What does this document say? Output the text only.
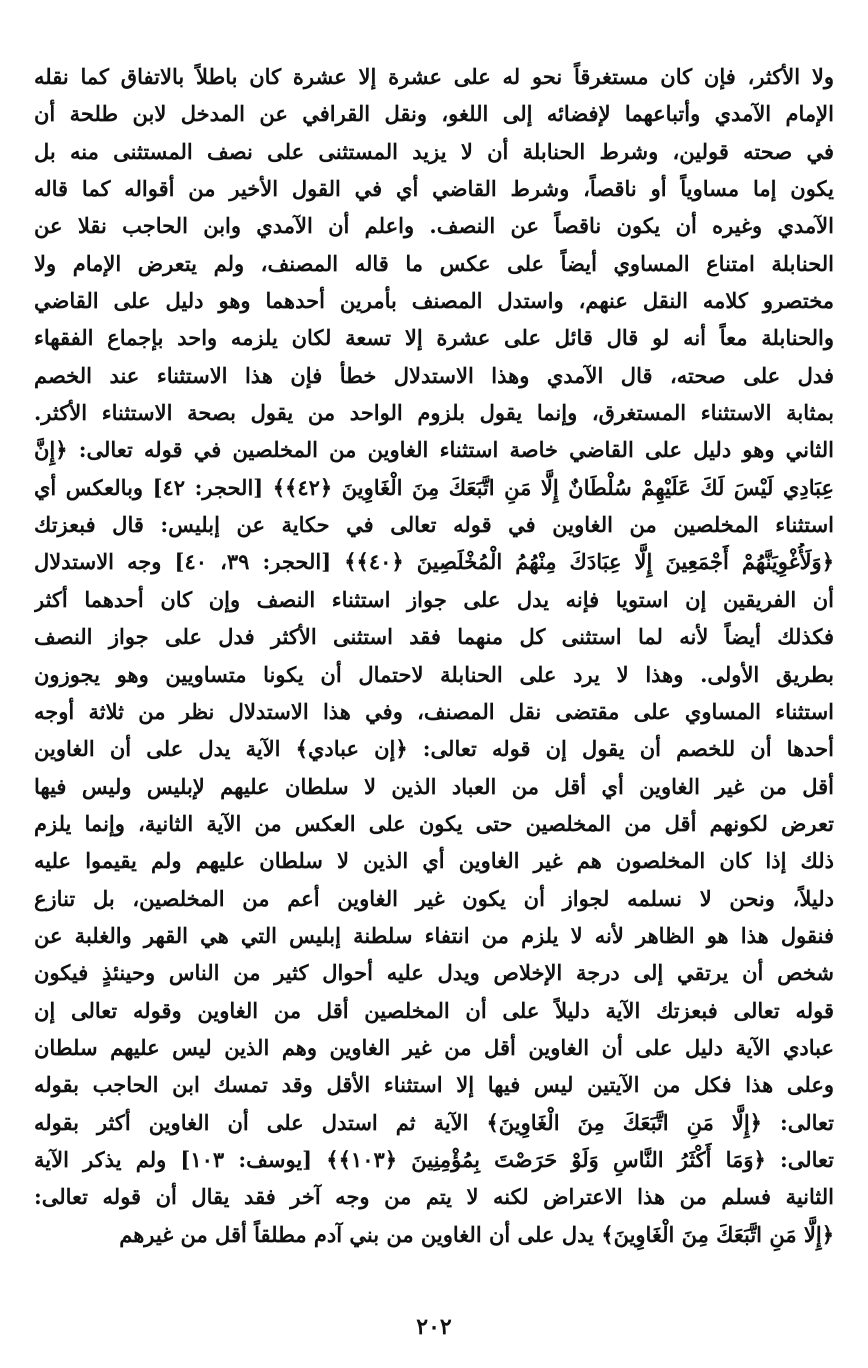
ولا الأكثر، فإن كان مستغرقاً نحو له على عشرة إلا عشرة كان باطلاً بالاتفاق كما نقله
الإمام الآمدي وأتباعهما لإفضائه إلى اللغو، ونقل القرافي عن المدخل لابن طلحة أن
في صحته قولين، وشرط الحنابلة أن لا يزيد المستثنى على نصف المستثنى منه بل
يكون إما مساوياً أو ناقصاً، وشرط القاضي أي في القول الأخير من أقواله كما قاله
الآمدي وغيره أن يكون ناقصاً عن النصف. واعلم أن الآمدي وابن الحاجب نقلا عن
الحنابلة امتناع المساوي أيضاً على عكس ما قاله المصنف، ولم يتعرض الإمام ولا
مختصرو كلامه النقل عنهم، واستدل المصنف بأمرين أحدهما وهو دليل على القاضي
والحنابلة معاً أنه لو قال قائل على عشرة إلا تسعة لكان يلزمه واحد بإجماع الفقهاء
فدل على صحته، قال الآمدي وهذا الاستدلال خطأ فإن هذا الاستثناء عند الخصم
بمثابة الاستثناء المستغرق، وإنما يقول بلزوم الواحد من يقول بصحة الاستثناء الأكثر.
الثاني وهو دليل على القاضي خاصة استثناء الغاوين من المخلصين في قوله تعالى: ﴿إِنَّ
عِبَادِي لَيْسَ لَكَ عَلَيْهِمْ سُلْطَانٌ إِلَّا مَنِ اتَّبَعَكَ مِنَ الْغَاوِينَ ﴿٤٢﴾﴾ [الحجر: ٤٢] وبالعكس أي
استثناء المخلصين من الغاوين في قوله تعالى في حكاية عن إبليس: قال فبعزتك
﴿وَلَأُغْوِيَنَّهُمْ أَجْمَعِينَ إِلَّا عِبَادَكَ مِنْهُمُ الْمُخْلَصِينَ ﴿٤٠﴾﴾ [الحجر: ٣٩، ٤٠] وجه الاستدلال
أن الفريقين إن استويا فإنه يدل على جواز استثناء النصف وإن كان أحدهما أكثر
فكذلك أيضاً لأنه لما استثنى كل منهما فقد استثنى الأكثر فدل على جواز النصف
بطريق الأولى. وهذا لا يرد على الحنابلة لاحتمال أن يكونا متساويين وهو يجوزون
استثناء المساوي على مقتضى نقل المصنف، وفي هذا الاستدلال نظر من ثلاثة أوجه
أحدها أن للخصم أن يقول إن قوله تعالى: ﴿إن عبادي﴾ الآية يدل على أن الغاوين
أقل من غير الغاوين أي أقل من العباد الذين لا سلطان عليهم لإبليس وليس فيها
تعرض لكونهم أقل من المخلصين حتى يكون على العكس من الآية الثانية، وإنما يلزم
ذلك إذا كان المخلصون هم غير الغاوين أي الذين لا سلطان عليهم ولم يقيموا عليه
دليلاً، ونحن لا نسلمه لجواز أن يكون غير الغاوين أعم من المخلصين، بل تنازع
فنقول هذا هو الظاهر لأنه لا يلزم من انتفاء سلطنة إبليس التي هي القهر والغلبة عن
شخص أن يرتقي إلى درجة الإخلاص ويدل عليه أحوال كثير من الناس وحينئذٍ فيكون
قوله تعالى فبعزتك الآية دليلاً على أن المخلصين أقل من الغاوين وقوله تعالى إن
عبادي الآية دليل على أن الغاوين أقل من غير الغاوين وهم الذين ليس عليهم سلطان
وعلى هذا فكل من الآيتين ليس فيها إلا استثناء الأقل وقد تمسك ابن الحاجب بقوله
تعالى: ﴿إِلَّا مَنِ اتَّبَعَكَ مِنَ الْغَاوِينَ﴾ الآية ثم استدل على أن الغاوين أكثر بقوله
تعالى: ﴿وَمَا أَكْثَرُ النَّاسِ وَلَوْ حَرَصْتَ بِمُؤْمِنِينَ ﴿١٠٣﴾﴾ [يوسف: ١٠٣] ولم يذكر الآية
الثانية فسلم من هذا الاعتراض لكنه لا يتم من وجه آخر فقد يقال أن قوله تعالى:
﴿إِلَّا مَنِ اتَّبَعَكَ مِنَ الْغَاوِينَ﴾ يدل على أن الغاوين من بني آدم مطلقاً أقل من غيرهم
٢٠٢
